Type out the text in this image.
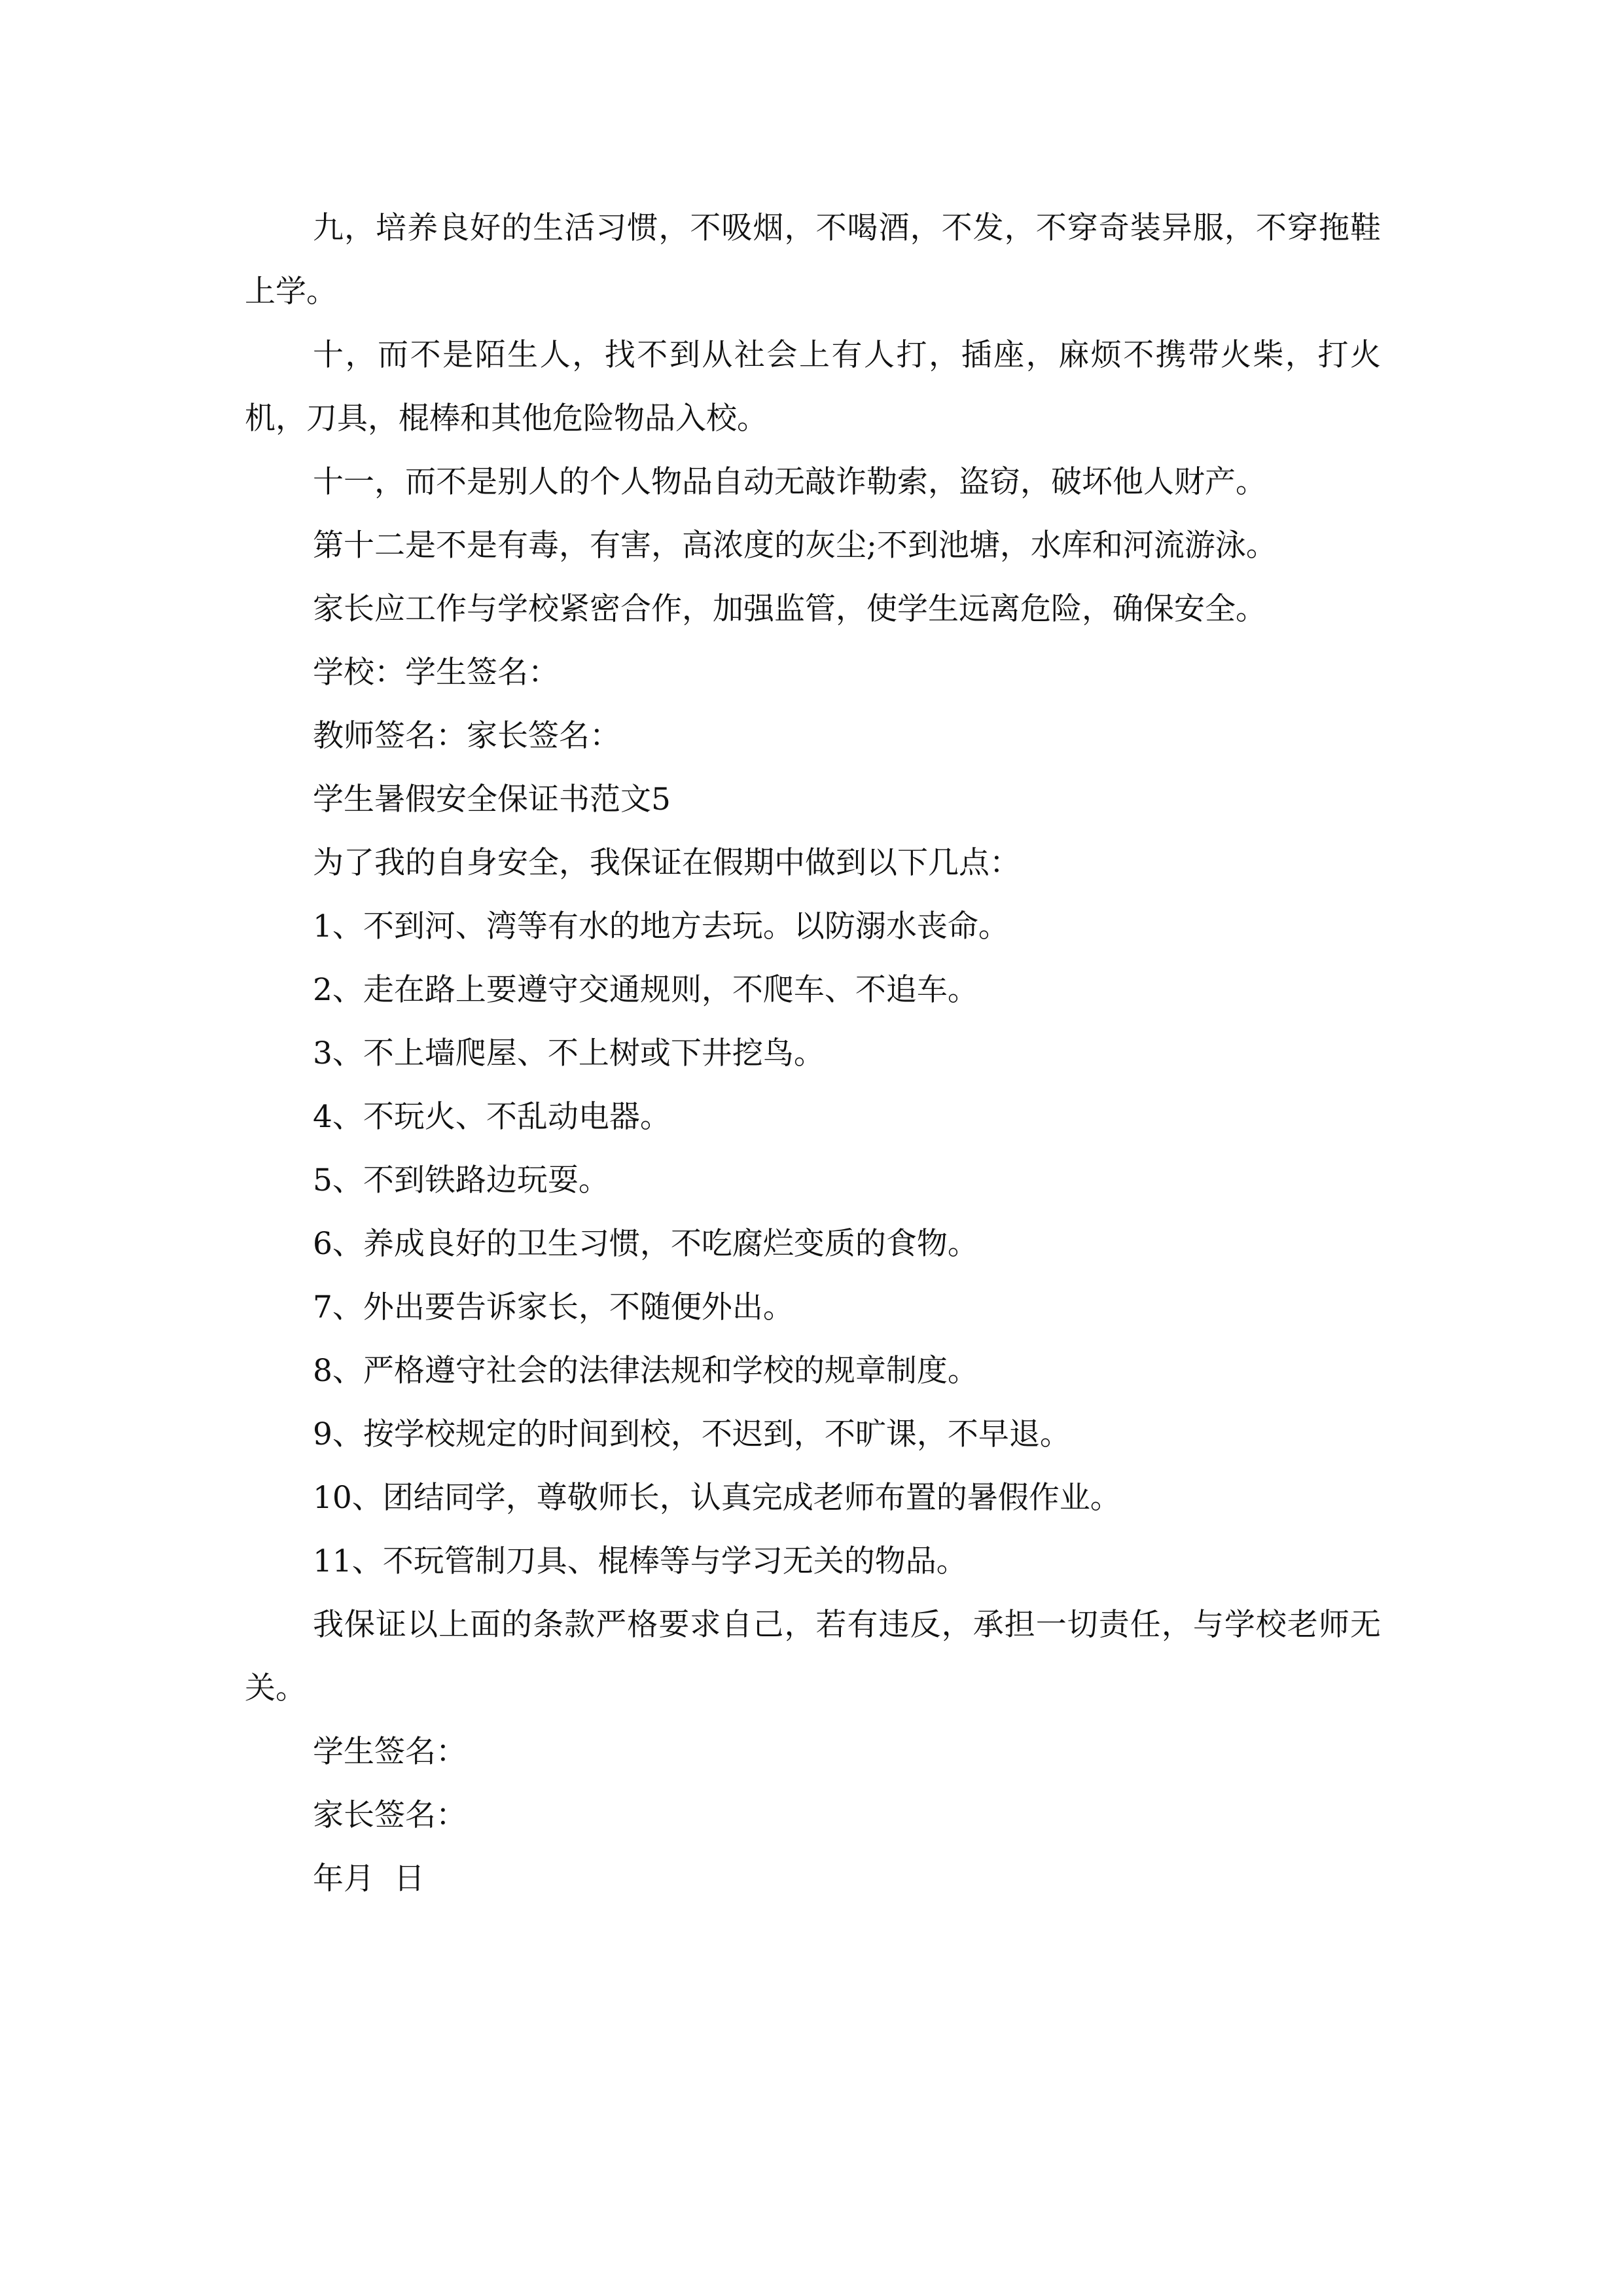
九，培养良好的生活习惯，不吸烟，不喝酒，不发，不穿奇装异服，不穿拖鞋上学。

十，而不是陌生人，找不到从社会上有人打，插座，麻烦不携带火柴，打火机，刀具，棍棒和其他危险物品入校。

十一，而不是别人的个人物品自动无敲诈勒索，盗窃，破坏他人财产。

第十二是不是有毒，有害，高浓度的灰尘;不到池塘，水库和河流游泳。

家长应工作与学校紧密合作，加强监管，使学生远离危险，确保安全。

学校：学生签名：

教师签名：家长签名：

学生暑假安全保证书范文5

为了我的自身安全，我保证在假期中做到以下几点：

1、不到河、湾等有水的地方去玩。以防溺水丧命。

2、走在路上要遵守交通规则，不爬车、不追车。

3、不上墙爬屋、不上树或下井挖鸟。

4、不玩火、不乱动电器。

5、不到铁路边玩耍。

6、养成良好的卫生习惯，不吃腐烂变质的食物。

7、外出要告诉家长，不随便外出。

8、严格遵守社会的法律法规和学校的规章制度。

9、按学校规定的时间到校，不迟到，不旷课，不早退。

10、团结同学，尊敬师长，认真完成老师布置的暑假作业。

11、不玩管制刀具、棍棒等与学习无关的物品。

我保证以上面的条款严格要求自己，若有违反，承担一切责任，与学校老师无关。

学生签名：

家长签名：

年月  日
